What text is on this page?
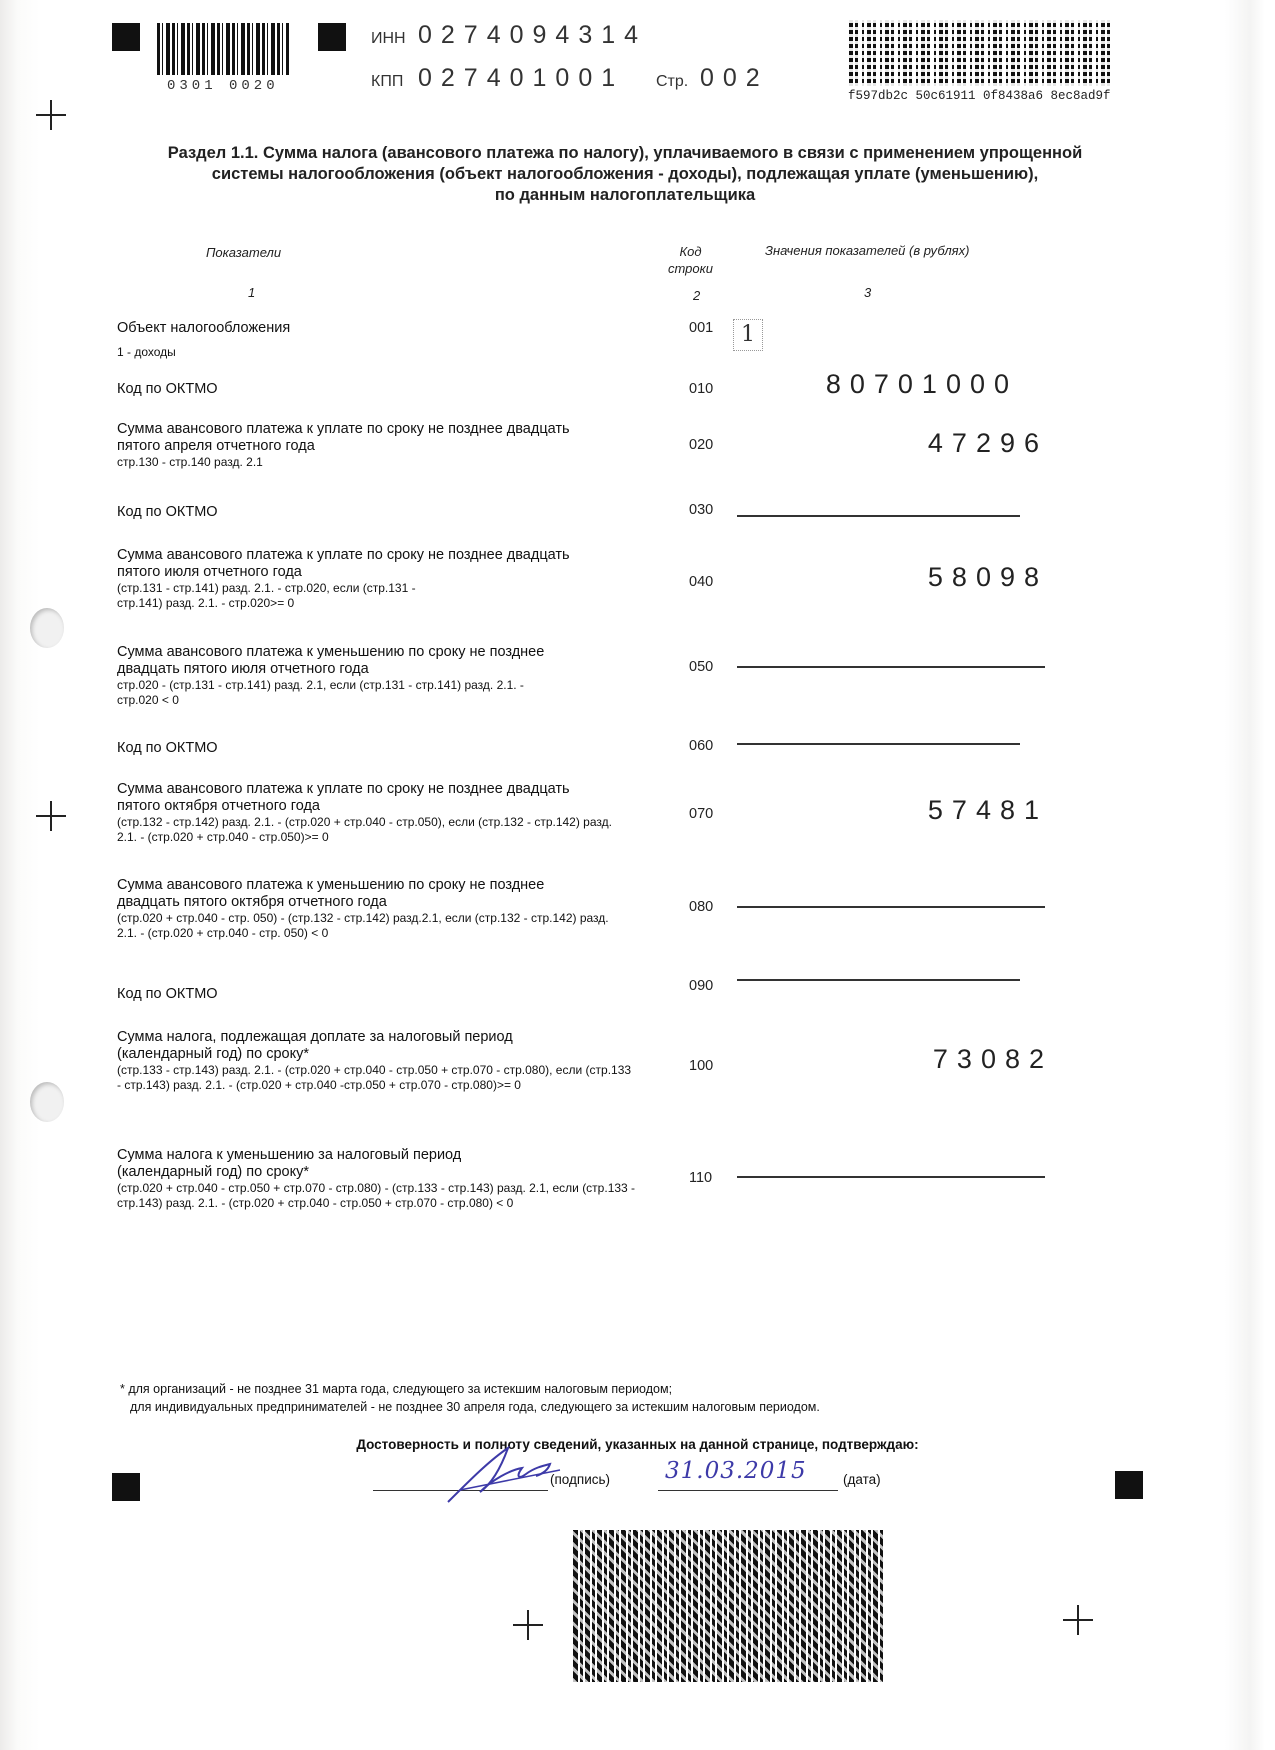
0301 0020
ИНН 0274094314
КПП 027401001 Стр. 002
f597db2c 50c61911 0f8438a6 8ec8ad9f
Раздел 1.1. Сумма налога (авансового платежа по налогу), уплачиваемого в связи с применением упрощенной
системы налогообложения (объект налогообложения - доходы), подлежащая уплате (уменьшению),
по данным налогоплательщика
Показатели	Код
строки
Значения показателей (в рублях)
1	2	3
Объект налогообложения
1 - доходы
001	1
Код по ОКТМО	010	80701000
Сумма авансового платежа к уплате по сроку не позднее двадцать пятого апреля отчетного года
стр.130 - стр.140 разд. 2.1
020	47296
Код по ОКТМО	030
Сумма авансового платежа к уплате по сроку не позднее двадцать пятого июля отчетного года
(стр.131 - стр.141) разд. 2.1. - стр.020, если (стр.131 - стр.141) разд. 2.1. - стр.020>= 0
040	58098
Сумма авансового платежа к уменьшению по сроку не позднее двадцать пятого июля отчетного года
стр.020 - (стр.131 - стр.141) разд. 2.1, если (стр.131 - стр.141) разд. 2.1. - стр.020 < 0
050
Код по ОКТМО	060
Сумма авансового платежа к уплате по сроку не позднее двадцать пятого октября отчетного года
(стр.132 - стр.142) разд. 2.1. - (стр.020 + стр.040 - стр.050), если (стр.132 - стр.142) разд. 2.1. - (стр.020 + стр.040 - стр.050)>= 0
070	57481
Сумма авансового платежа к уменьшению по сроку не позднее двадцать пятого октября отчетного года
(стр.020 + стр.040 - стр. 050) - (стр.132 - стр.142) разд.2.1, если (стр.132 - стр.142) разд. 2.1. - (стр.020 + стр.040 - стр. 050) < 0
080
Код по ОКТМО	090
Сумма налога, подлежащая доплате за налоговый период (календарный год) по сроку*
(стр.133 - стр.143) разд. 2.1. - (стр.020 + стр.040 - стр.050 + стр.070 - стр.080), если (стр.133 - стр.143) разд. 2.1. - (стр.020 + стр.040 -стр.050 + стр.070 - стр.080)>= 0
100	73082
Сумма налога к уменьшению за налоговый период (календарный год) по сроку*
(стр.020 + стр.040 - стр.050 + стр.070 - стр.080) - (стр.133 - стр.143) разд. 2.1, если (стр.133 - стр.143) разд. 2.1. - (стр.020 + стр.040 - стр.050 + стр.070 - стр.080) < 0
110
* для организаций - не позднее 31 марта года, следующего за истекшим налоговым периодом;
для индивидуальных предпринимателей - не позднее 30 апреля года, следующего за истекшим налоговым периодом.
Достоверность и полноту сведений, указанных на данной странице, подтверждаю:
(подпись) 31.03.2015	(дата)
